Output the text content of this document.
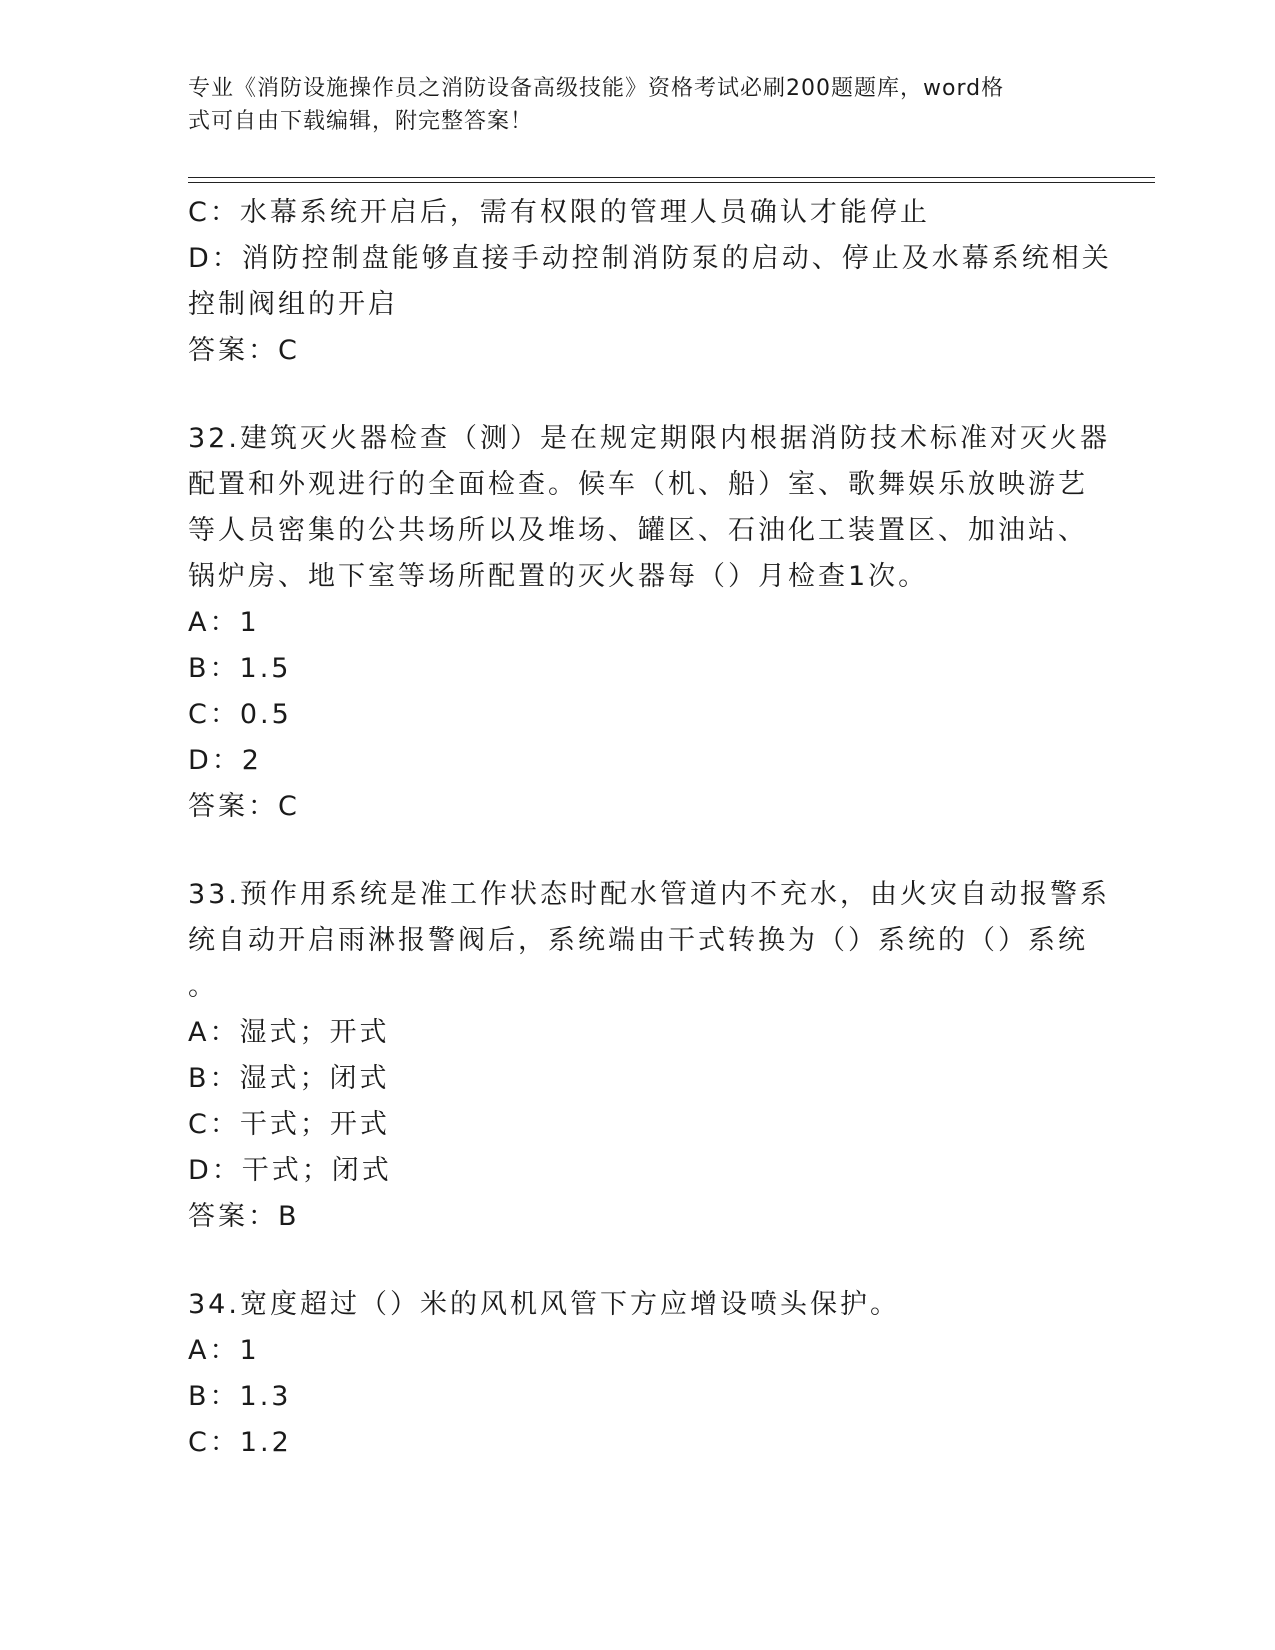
专业《消防设施操作员之消防设备高级技能》资格考试必刷200题题库，word格
式可自由下载编辑，附完整答案！

C：水幕系统开启后，需有权限的管理人员确认才能停止

D：消防控制盘能够直接手动控制消防泵的启动、停止及水幕系统相关

控制阀组的开启

答案：C

32.建筑灭火器检查（测）是在规定期限内根据消防技术标准对灭火器

配置和外观进行的全面检查。候车（机、船）室、歌舞娱乐放映游艺

等人员密集的公共场所以及堆场、罐区、石油化工装置区、加油站、

锅炉房、地下室等场所配置的灭火器每（）月检查1次。

A：1

B：1.5

C：0.5

D：2

答案：C

33.预作用系统是准工作状态时配水管道内不充水，由火灾自动报警系

统自动开启雨淋报警阀后，系统端由干式转换为（）系统的（）系统

。

A：湿式；开式

B：湿式；闭式

C：干式；开式

D：干式；闭式

答案：B

34.宽度超过（）米的风机风管下方应增设喷头保护。

A：1

B：1.3

C：1.2
